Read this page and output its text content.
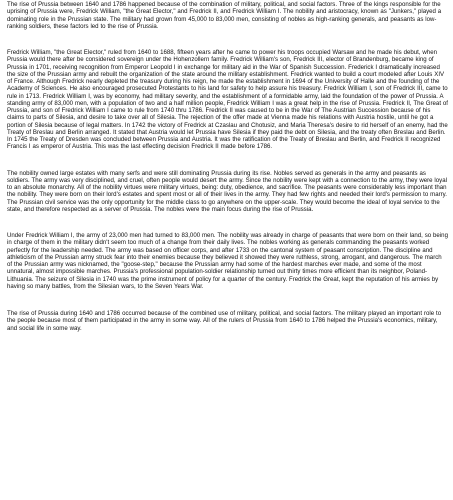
The rise of Prussia between 1640 and 1786 happened because of the combination of military, political, and social factors. Three of the kings responsible for the uprising of Prussia were, Fredrick William, "the Great Elector," and Fredrick II, and Fredrick William I. The nobility and aristocracy, known as "Junkers," played a dominating role in the Prussian state. The military had grown from 45,000 to 83,000 men, consisting of nobles as high-ranking generals, and peasants as low-ranking soldiers, these factors led to the rise of Prussia.

Fredrick William, "the Great Elector," ruled from 1640 to 1688, fifteen years after he came to power his troops occupied Warsaw and he made his debut, when Prussia would there after be considered sovereign under the Hohenzollern family. Fredrick William's son, Fredrick III, elector of Brandenburg, became king of Prussia in 1701, receiving recognition from Emperor Leopold I in exchange for military aid in the War of Spanish Succession. Frederick I dramatically increased the size of the Prussian army and rebuilt the organization of the state around the military establishment. Fredrick wanted to build a court modeled after Louis XIV of France. Although Fredrick nearly depleted the treasury during his reign, he made the establishment in 1694 of the University of Halle and the founding of the Academy of Sciences. He also encouraged prosecuted Protestants to his land for safety to help assure his treasury. Fredrick William I, son of Fredrick III, came to rule in 1713. Fredrick William I, was by economy, had military severity, and the establishment of a formidable army, laid the foundation of the power of Prussia. A standing army of 83,000 men, with a population of two and a half million people, Fredrick William I was a great help in the rise of Prussia. Fredrick II, The Great of Prussia, and son of Fredrick William I came to rule from 1740 thru 1786. Fredrick II was caused to be in the War of The Austrian Succession because of his claims to parts of Silesia, and desire to take over all of Silesia. The rejection of the offer made at Vienna made his relations with Austria hostile, until he got a portion of Silesia because of legal matters. In 1742 the victory of Fredrick at Czaslau and Chotusiz, and Maria Theresa's desire to rid herself of an enemy, had the Treaty of Breslau and Berlin arranged. It stated that Austria would let Prussia have Silesia if they paid the debt on Silesia, and the treaty often Breslau and Berlin. In 1745 the Treaty of Dresden was concluded between Prussia and Austria. It was the ratification of the Treaty of Breslau and Berlin, and Fredrick II recognized Francis I as emperor of Austria. This was the last effecting decision Fredrick II made before 1786.

The nobility owned large estates with many serfs and were still dominating Prussia during its rise. Nobles served as generals in the army and peasants as soldiers. The army was very disciplined, and cruel, often people would desert the army. Since the nobility were kept with a connection to the army, they were loyal to an absolute monarchy. All of the nobility virtues were military virtues, being: duty, obedience, and sacrifice. The peasants were considerably less important than the nobility. They were born on their lord's estates and spent most or all of their lives in the army. They had few rights and needed their lord's permission to marry. The Prussian civil service was the only opportunity for the middle class to go anywhere on the upper-scale. They would become the ideal of loyal service to the state, and therefore respected as a server of Prussia. The nobles were the main focus during the rise of Prussia.

Under Fredrick William I, the army of 23,000 men had turned to 83,000 men. The nobility was already in charge of peasants that were born on their land, so being in charge of them in the military didn't seem too much of a change from their daily lives. The nobles working as generals commanding the peasants worked perfectly for the leadership needed. The army was based on officer corps, and after 1733 on the cantonal system of peasant conscription. The discipline and athleticism of the Prussian army struck fear into their enemies because they believed it showed they were ruthless, strong, arrogant, and dangerous. The march of the Prussian army was nicknamed, the "goose-step," because the Prussian army had some of the hardest marches ever made, and some of the most unnatural, almost impossible marches. Prussia's professional population-soldier relationship turned out thirty times more efficient than its neighbor, Poland-Lithuania. The seizure of Silesia in 1740 was the prime instrument of policy for a quarter of the century. Fredrick the Great, kept the reputation of his armies by having so many battles, from the Silesian wars, to the Seven Years War.

The rise of Prussia during 1640 and 1786 occurred because of the combined use of military, political, and social factors. The military played an important role to the people because most of them participated in the army in some way. All of the rulers of Prussia from 1640 to 1786 helped the Prussia's economics, military, and social life in some way.
